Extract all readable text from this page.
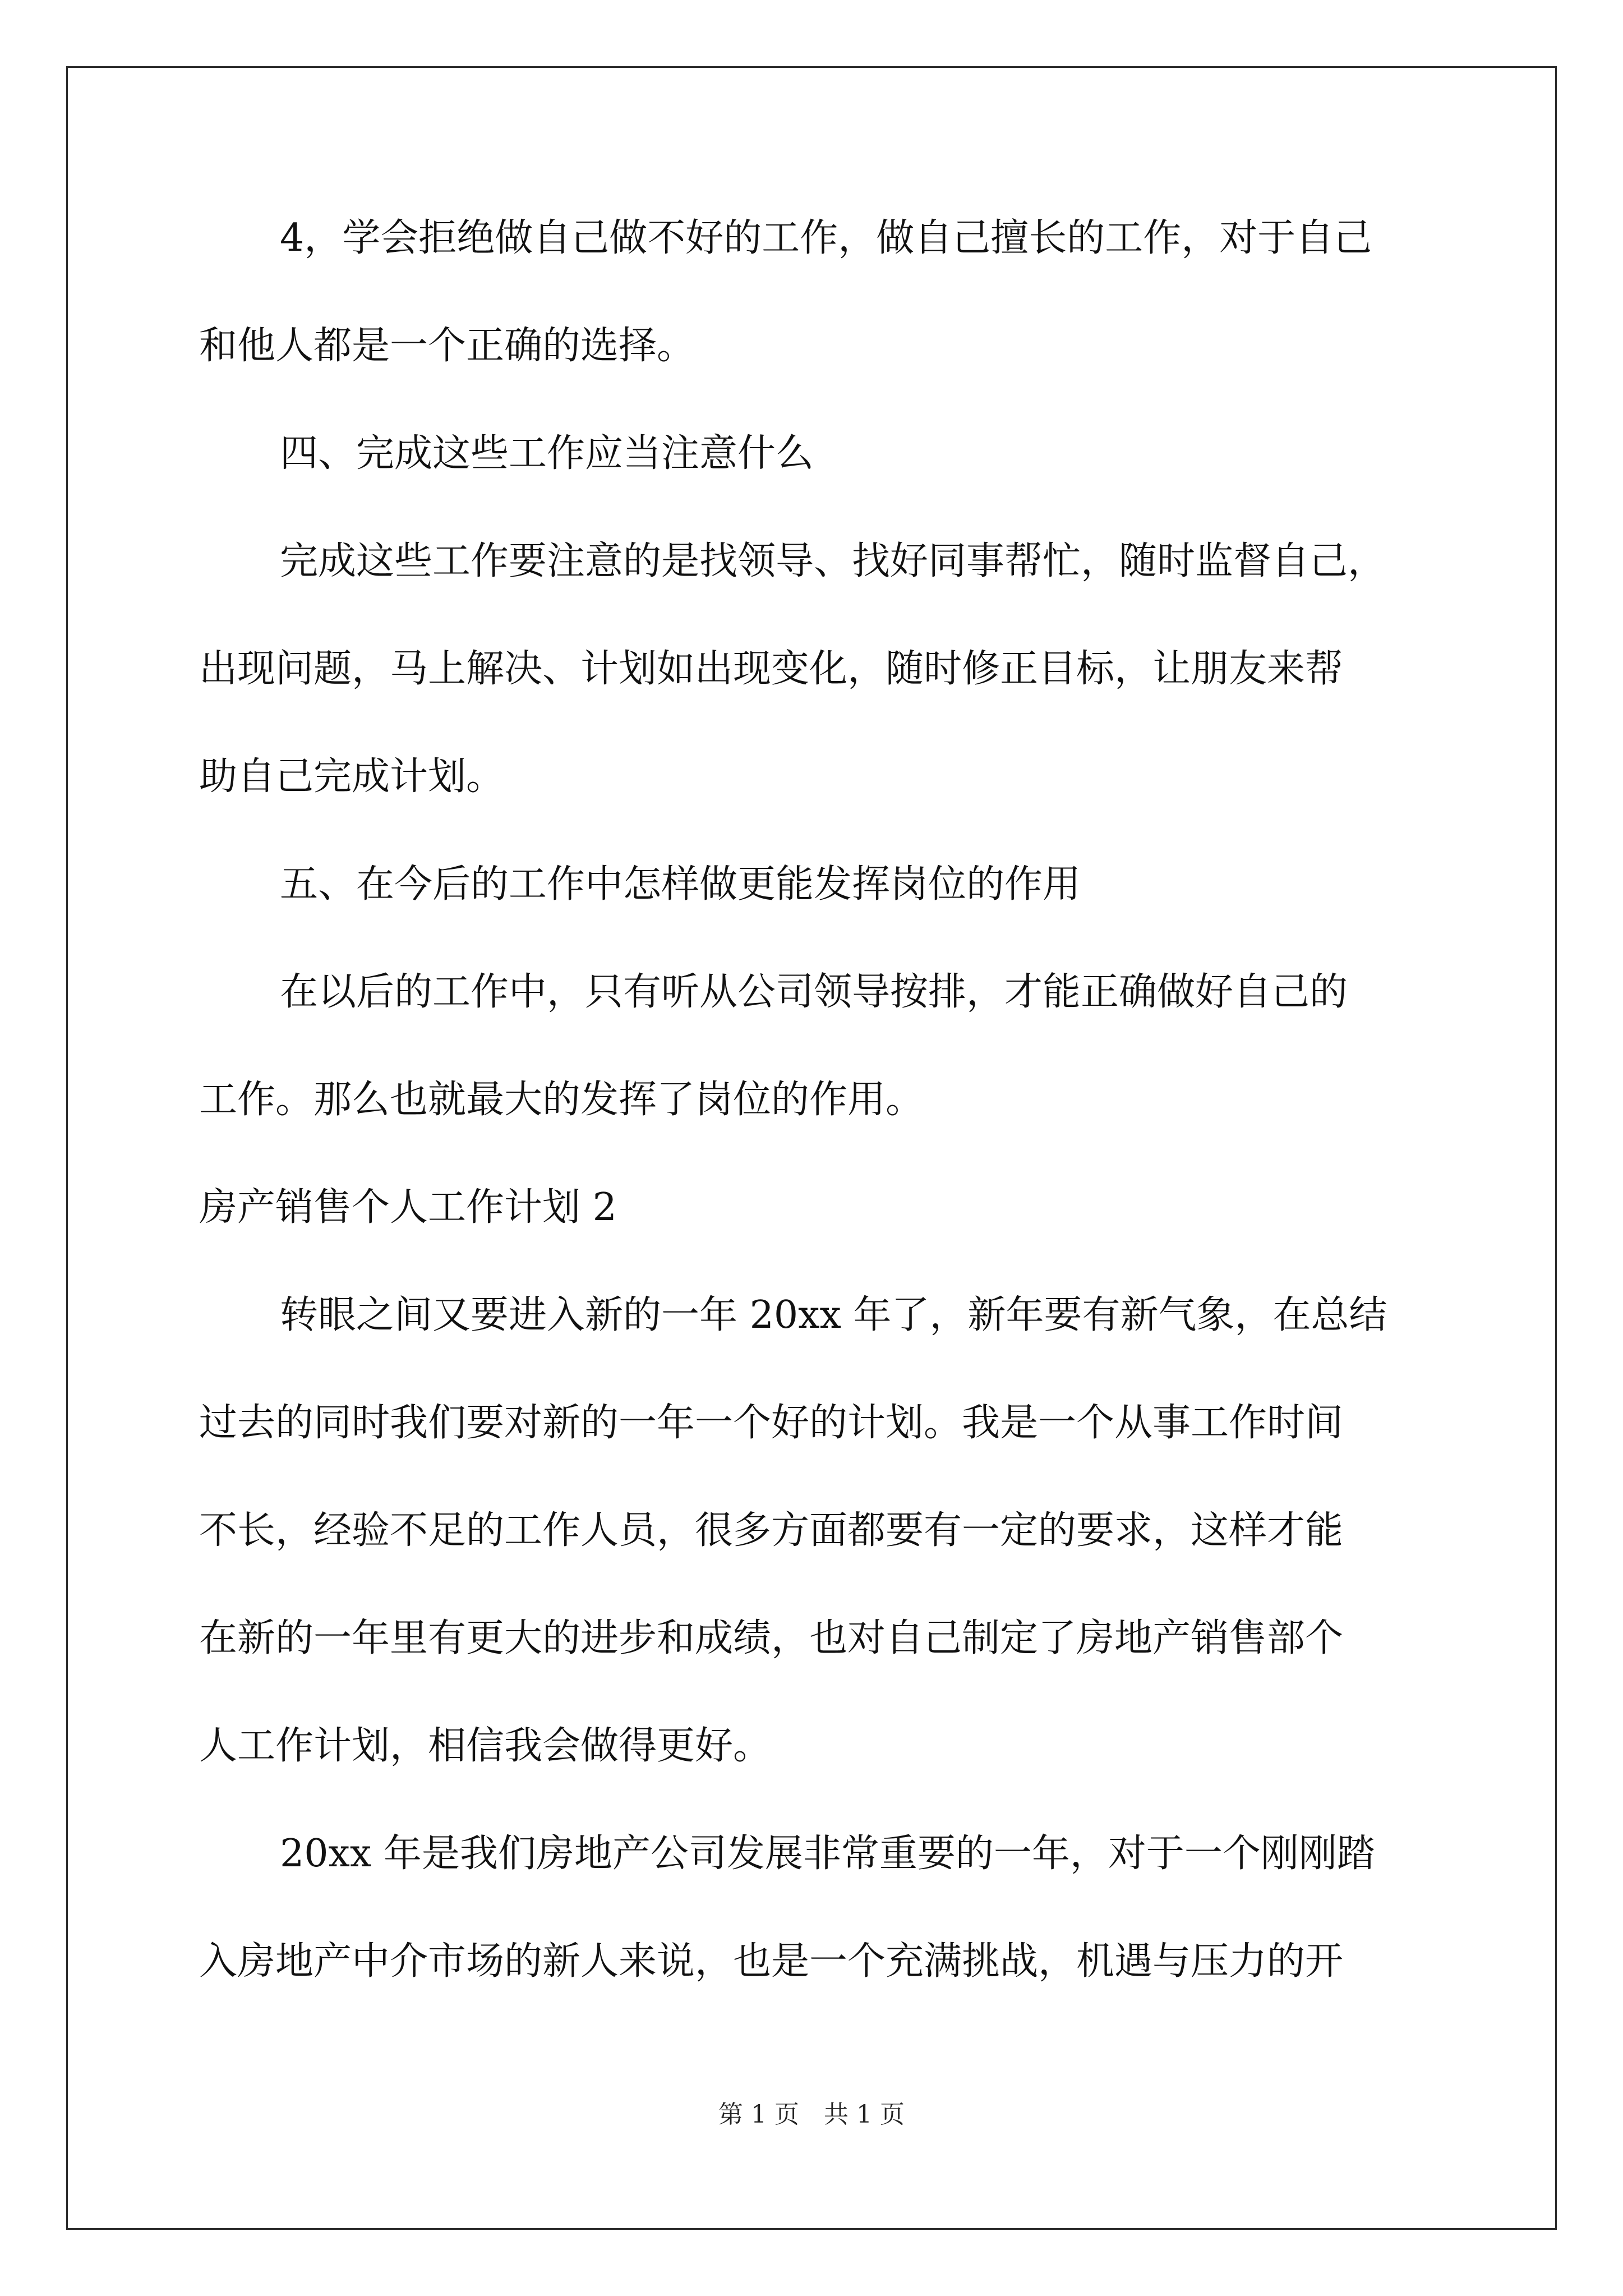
4，学会拒绝做自己做不好的工作，做自己擅长的工作，对于自己
和他人都是一个正确的选择。
四、完成这些工作应当注意什么
完成这些工作要注意的是找领导、找好同事帮忙，随时监督自己，
出现问题，马上解决、计划如出现变化，随时修正目标，让朋友来帮
助自己完成计划。
五、在今后的工作中怎样做更能发挥岗位的作用
在以后的工作中，只有听从公司领导按排，才能正确做好自己的
工作。那么也就最大的发挥了岗位的作用。
房产销售个人工作计划 2
转眼之间又要进入新的一年 20xx 年了，新年要有新气象，在总结
过去的同时我们要对新的一年一个好的计划。我是一个从事工作时间
不长，经验不足的工作人员，很多方面都要有一定的要求，这样才能
在新的一年里有更大的进步和成绩，也对自己制定了房地产销售部个
人工作计划，相信我会做得更好。
20xx 年是我们房地产公司发展非常重要的一年，对于一个刚刚踏
入房地产中介市场的新人来说，也是一个充满挑战，机遇与压力的开
第 1 页　共 1 页
